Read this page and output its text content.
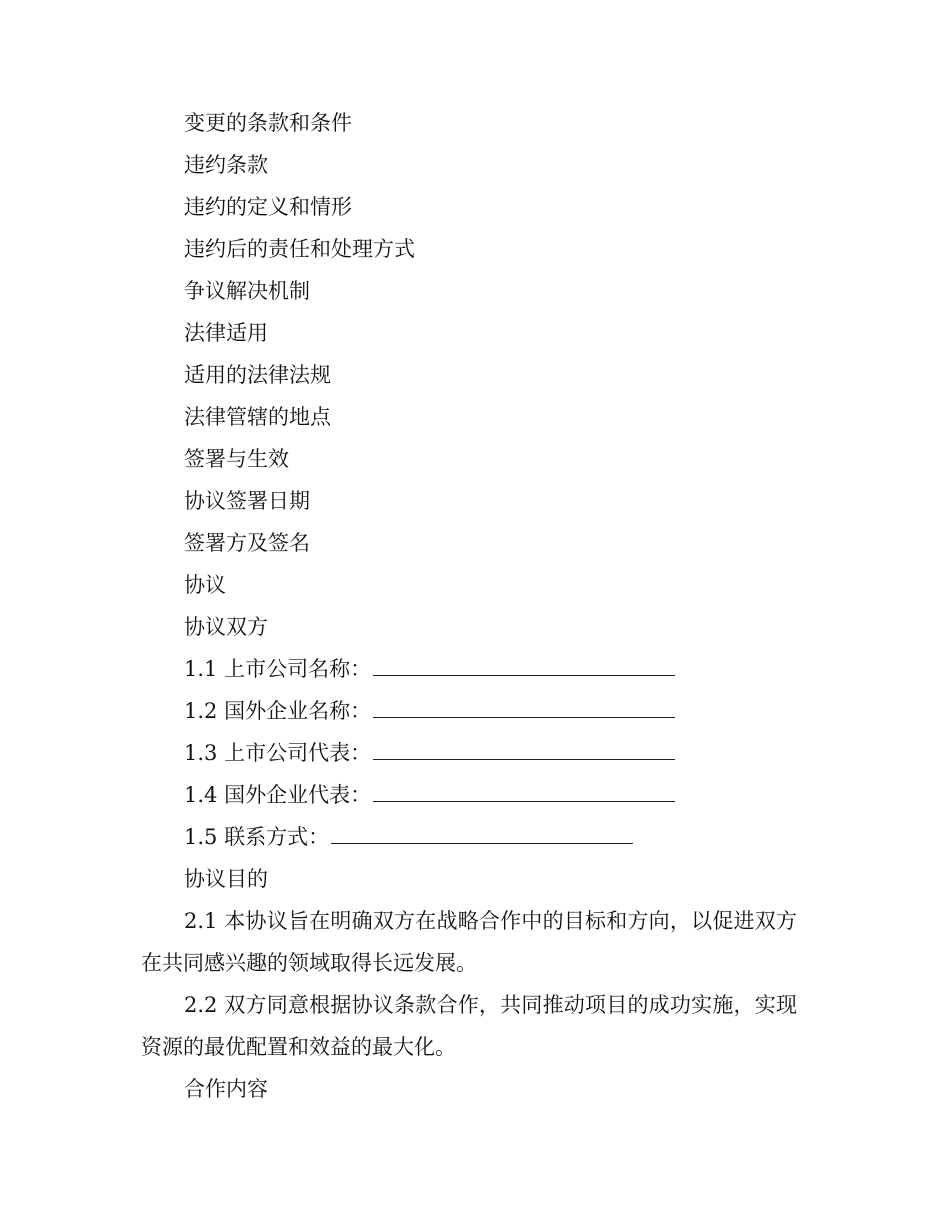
变更的条款和条件
违约条款
违约的定义和情形
违约后的责任和处理方式
争议解决机制
法律适用
适用的法律法规
法律管辖的地点
签署与生效
协议签署日期
签署方及签名
协议
协议双方
1.1 上市公司名称：
1.2 国外企业名称：
1.3 上市公司代表：
1.4 国外企业代表：
1.5 联系方式：
协议目的

2.1 本协议旨在明确双方在战略合作中的目标和方向，以促进双方在共同感兴趣的领域取得长远发展。

2.2 双方同意根据协议条款合作，共同推动项目的成功实施，实现资源的最优配置和效益的最大化。

合作内容
